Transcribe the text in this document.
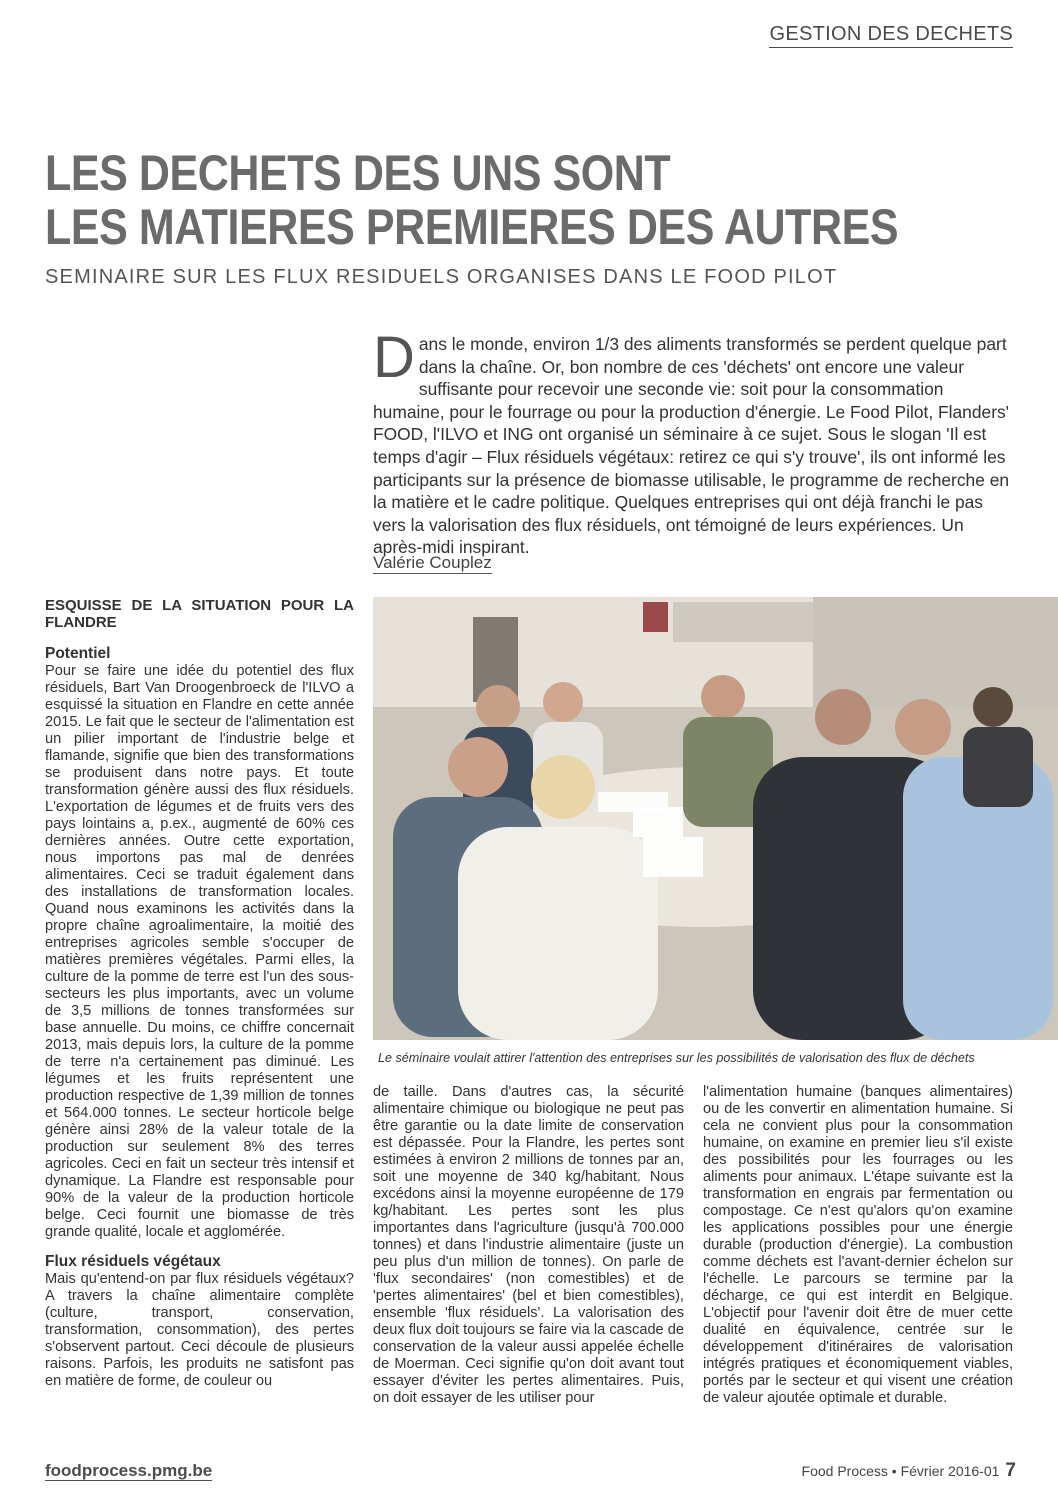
GESTION DES DECHETS
LES DECHETS DES UNS SONT
LES MATIERES PREMIERES DES AUTRES
SEMINAIRE SUR LES FLUX RESIDUELS ORGANISES DANS LE FOOD PILOT
D ans le monde, environ 1/3 des aliments transformés se perdent quelque part dans la chaîne. Or, bon nombre de ces 'déchets' ont encore une valeur suffisante pour recevoir une seconde vie: soit pour la consommation humaine, pour le fourrage ou pour la production d'énergie. Le Food Pilot, Flanders' FOOD, l'ILVO et ING ont organisé un séminaire à ce sujet. Sous le slogan 'Il est temps d'agir – Flux résiduels végétaux: retirez ce qui s'y trouve', ils ont informé les participants sur la présence de biomasse utilisable, le programme de recherche en la matière et le cadre politique. Quelques entreprises qui ont déjà franchi le pas vers la valorisation des flux résiduels, ont témoigné de leurs expériences. Un après-midi inspirant.

Valérie Couplez
Le séminaire voulait attirer l'attention des entreprises sur les possibilités de valorisation des flux de déchets
ESQUISSE DE LA SITUATION POUR LA FLANDRE
Potentiel

Pour se faire une idée du potentiel des flux résiduels, Bart Van Droogenbroeck de l'ILVO a esquissé la situation en Flandre en cette année 2015. Le fait que le secteur de l'alimentation est un pilier important de l'industrie belge et flamande, signifie que bien des transformations se produisent dans notre pays. Et toute transformation génère aussi des flux résiduels. L'exportation de légumes et de fruits vers des pays lointains a, p.ex., augmenté de 60% ces dernières années. Outre cette exportation, nous importons pas mal de denrées alimentaires. Ceci se traduit également dans des installations de transformation locales. Quand nous examinons les activités dans la propre chaîne agroalimentaire, la moitié des entreprises agricoles semble s'occuper de matières premières végétales. Parmi elles, la culture de la pomme de terre est l'un des sous-secteurs les plus importants, avec un volume de 3,5 millions de tonnes transformées sur base annuelle. Du moins, ce chiffre concernait 2013, mais depuis lors, la culture de la pomme de terre n'a certainement pas diminué. Les légumes et les fruits représentent une production respective de 1,39 million de tonnes et 564.000 tonnes. Le secteur horticole belge génère ainsi 28% de la valeur totale de la production sur seulement 8% des terres agricoles. Ceci en fait un secteur très intensif et dynamique. La Flandre est responsable pour 90% de la valeur de la production horticole belge. Ceci fournit une biomasse de très grande qualité, locale et agglomérée.

Flux résiduels végétaux

Mais qu'entend-on par flux résiduels végétaux? A travers la chaîne alimentaire complète (culture, transport, conservation, transformation, consommation), des pertes s'observent partout. Ceci découle de plusieurs raisons. Parfois, les produits ne satisfont pas en matière de forme, de couleur ou

de taille. Dans d'autres cas, la sécurité alimentaire chimique ou biologique ne peut pas être garantie ou la date limite de conservation est dépassée. Pour la Flandre, les pertes sont estimées à environ 2 millions de tonnes par an, soit une moyenne de 340 kg/habitant. Nous excédons ainsi la moyenne européenne de 179 kg/habitant. Les pertes sont les plus importantes dans l'agriculture (jusqu'à 700.000 tonnes) et dans l'industrie alimentaire (juste un peu plus d'un million de tonnes). On parle de 'flux secondaires' (non comestibles) et de 'pertes alimentaires' (bel et bien comestibles), ensemble 'flux résiduels'. La valorisation des deux flux doit toujours se faire via la cascade de conservation de la valeur aussi appelée échelle de Moerman. Ceci signifie qu'on doit avant tout essayer d'éviter les pertes alimentaires. Puis, on doit essayer de les utiliser pour

l'alimentation humaine (banques alimentaires) ou de les convertir en alimentation humaine. Si cela ne convient plus pour la consommation humaine, on examine en premier lieu s'il existe des possibilités pour les fourrages ou les aliments pour animaux. L'étape suivante est la transformation en engrais par fermentation ou compostage. Ce n'est qu'alors qu'on examine les applications possibles pour une énergie durable (production d'énergie). La combustion comme déchets est l'avant-dernier échelon sur l'échelle. Le parcours se termine par la décharge, ce qui est interdit en Belgique. L'objectif pour l'avenir doit être de muer cette dualité en équivalence, centrée sur le développement d'itinéraires de valorisation intégrés pratiques et économiquement viables, portés par le secteur et qui visent une création de valeur ajoutée optimale et durable.

foodprocess.pmg.be	Food Process • Février 2016-01 7
